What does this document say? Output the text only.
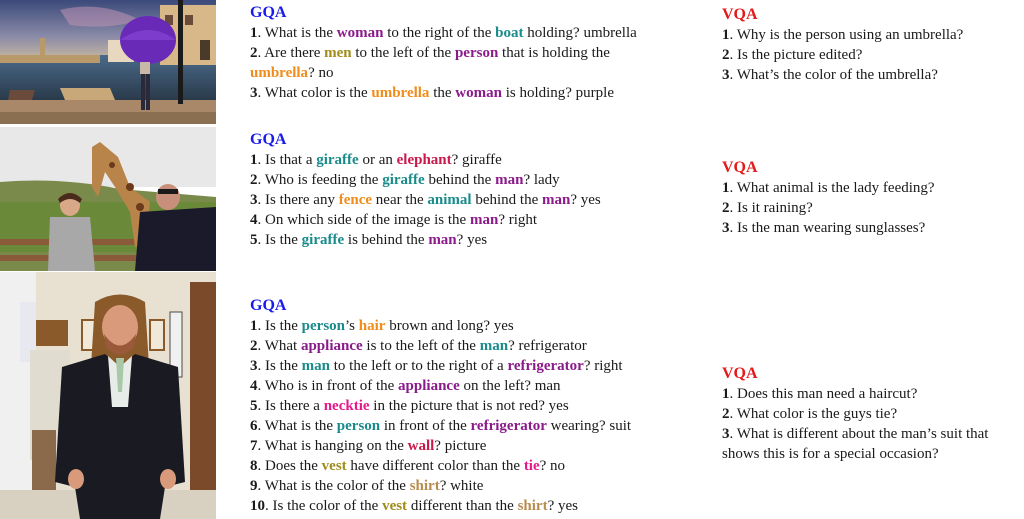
GQA
1. What is the woman to the right of the boat holding? umbrella
2. Are there men to the left of the person that is holding the
umbrella? no
3. What color is the umbrella the woman is holding? purple
VQA
1. Why is the person using an umbrella?
2. Is the picture edited?
3. What’s the color of the umbrella?
GQA
1. Is that a giraffe or an elephant? giraffe
2. Who is feeding the giraffe behind the man? lady
3. Is there any fence near the animal behind the man? yes
4. On which side of the image is the man? right
5. Is the giraffe is behind the man? yes
VQA
1. What animal is the lady feeding?
2. Is it raining?
3. Is the man wearing sunglasses?
GQA
1. Is the person’s hair brown and long? yes
2. What appliance is to the left of the man? refrigerator
3. Is the man to the left or to the right of a refrigerator? right
4. Who is in front of the appliance on the left? man
5. Is there a necktie in the picture that is not red? yes
6. What is the person in front of the refrigerator wearing? suit
7. What is hanging on the wall? picture
8. Does the vest have different color than the tie? no
9. What is the color of the shirt? white
10. Is the color of the vest different than the shirt? yes
VQA
1. Does this man need a haircut?
2. What color is the guys tie?
3. What is different about the man’s suit that shows this is for a special occasion?
